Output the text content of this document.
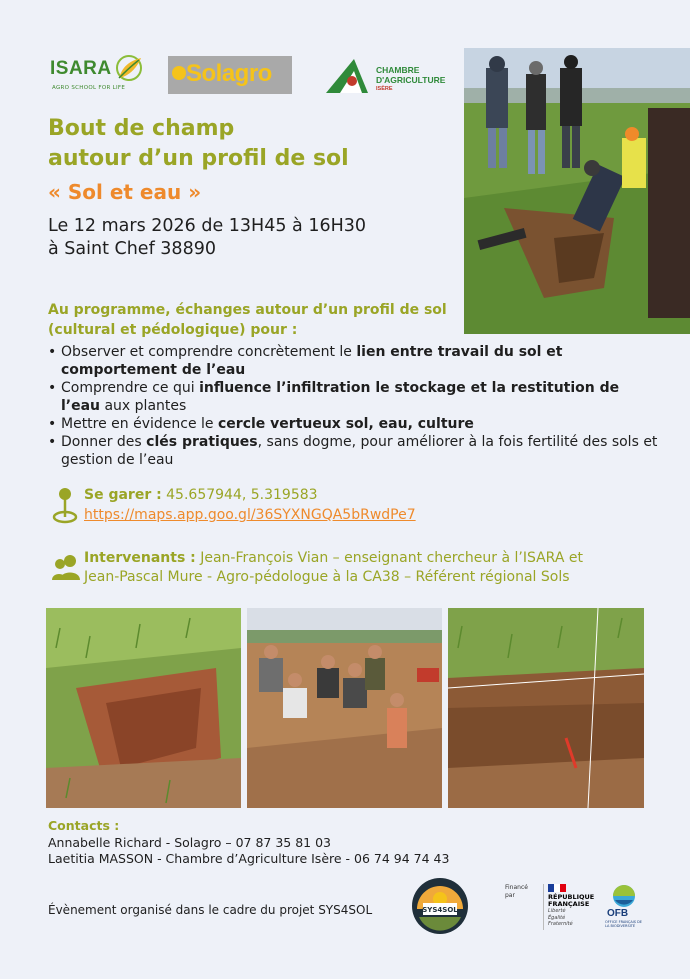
ISARA
AGRO SCHOOL FOR LIFE
Solagro	CHAMBRE
D'AGRICULTURE
ISÈRE
Bout de champ
autour d’un profil de sol
« Sol et eau »
Le 12 mars 2026 de 13H45 à 16H30
à Saint Chef 38890
Au programme, échanges autour d’un profil de sol (cultural et pédologique) pour :
• Observer et comprendre concrètement le lien entre travail du sol et comportement de l’eau
• Comprendre ce qui influence l’infiltration le stockage et la restitution de l’eau aux plantes
• Mettre en évidence le cercle vertueux sol, eau, culture
• Donner des clés pratiques, sans dogme, pour améliorer à la fois fertilité des sols et gestion de l’eau
Se garer : 45.657944, 5.319583
https://maps.app.goo.gl/36SYXNGQA5bRwdPe7
Intervenants : Jean-François Vian – enseignant chercheur à l’ISARA et
Jean-Pascal Mure - Agro-pédologue à la CA38 – Référent régional Sols
Contacts :
Annabelle Richard - Solagro – 07 87 35 81 03
Laetitia MASSON - Chambre d’Agriculture Isère - 06 74 94 74 43
Évènement organisé dans le cadre du projet SYS4SOL	SYS4SOL
Financé par	RÉPUBLIQUE
FRANÇAISE
Liberté
Égalité
Fraternité
OFB
OFFICE FRANÇAIS DE LA BIODIVERSITÉ
